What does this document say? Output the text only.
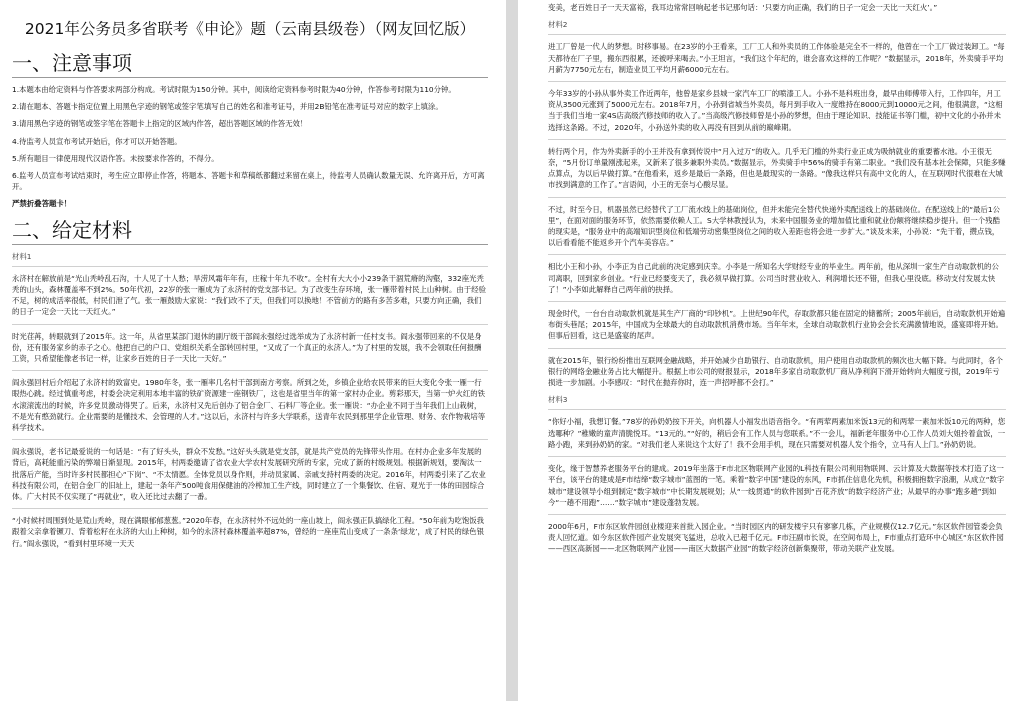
2021年公务员多省联考《申论》题（云南县级卷）（网友回忆版）
一、注意事项

1.本题本由给定资料与作答要求两部分构成。考试时限为150分钟。其中，阅读给定资料参考时限为40分钟，作答参考时限为110分钟。

2.请在题本、答题卡指定位置上用黑色字迹的钢笔或签字笔填写自己的姓名和准考证号，并用2B铅笔在准考证号对应的数字上填涂。

3.请用黑色字迹的钢笔或签字笔在答题卡上指定的区域内作答，超出答题区域的作答无效！

4.待监考人员宣布考试开始后，你才可以开始答题。

5.所有题目一律使用现代汉语作答。未按要求作答的，不得分。

6.监考人员宣布考试结束时，考生应立即停止作答，将题本、答题卡和草稿纸都翻过来留在桌上，待监考人员确认数量无误、允许离开后，方可离开。

严禁折叠答题卡！

二、给定材料

材料1

永济村在解放前是“光山秃岭乱石沟，十人见了十人愁；旱涝风霜年年有，庄稼十年九不收”。全村有大大小小239条干涸荒瘠的沟壑，332座光秃秃的山头，森林覆盖率不到2%。50年代初，22岁的张一雁成为了永济村的党支部书记。为了改变生存环境，张一雁带着村民上山种树。由于经验不足，树的成活率很低，村民们泄了气。张一雁鼓励大家说：“我们改不了天，但我们可以换地！不管前方的路有多苦多难，只要方向正确，我们的日子一定会一天比一天红火。”

时光荏苒，转眼就到了2015年。这一年，从省里某部门退休的副厅级干部阎永强经过选举成为了永济村新一任村支书。阎永强带回来的不仅是身份，还有服务家乡的赤子之心。他把自己的户口、党组织关系全部转回村里，“又成了一个真正的永济人。”为了村里的发展，我不会领取任何报酬工资，只希望能像老书记一样，让家乡百姓的日子一天比一天好。”

阎永强回村后介绍起了永济村的致富史。1980年冬，张一雁率几名村干部到南方考察。所到之处，乡镇企业给农民带来的巨大变化令张一雁一行眼热心跳。经过慎重考虑，村委会决定利用本地丰富的铁矿资源建一座钢铁厂，这也是省里当年的第一家村办企业。剪彩那天，当第一炉火红的铁水滚滚流出的时候，许多党员激动得哭了。后来，永济村又先后创办了铝合金厂、石料厂等企业。张一雁说：“办企业不同于当年我们上山栽树，不是光有憨劲就行。企业需要的是懂技术、会管理的人才。”这以后，永济村与许多大学联系，送青年农民到那里学企业管理、财务、农作物栽培等科学技术。

阎永强说，老书记最爱说的一句话是：“有了好头头，群众不发愁。”这好头头就是党支部，就是共产党员的先锋带头作用。在村办企业多年发展的背后，高耗能重污染的弊端日渐显现。2015年，村两委邀请了省农业大学农村发展研究所的专家，完成了新的村级规划。根据新规划，要淘汰一批落后产能，当时许多村民都担心“下岗”、“不太情愿。全体党员以身作则，并动员家属、亲戚支持村两委的决定。2016年，村两委引来了乙农业科技有限公司，在铝合金厂的旧址上，建起一条年产500吨食用保健油的冷榨加工生产线，同时建立了一个集餐饮、住宿、观光于一体的田园综合体。广大村民不仅实现了“再就业”，收入还比过去翻了一番。

“小时候村周围到处是荒山秃岭，现在满眼郁郁葱葱。”2020年春，在永济村外不远处的一座山坡上，阎永强正队搞绿化工程。“50年前为吃饱饭我跟着父亲拿着镢刀、背着松籽在永济的大山上种树，如今的永济村森林覆盖率超87%，曾经的一座座荒山变成了一条条‘绿龙’，成了村民的绿色银行。”阎永强说，“看到村里环境一天天

变美，老百姓日子一天天富裕，我耳边常常回响起老书记那句话：‘只要方向正确，我们的日子一定会一天比一天红火’。”

材料2

进工厂曾是一代人的梦想。时移事易。在23岁的小王看来，工厂工人和外卖员的工作体验是完全不一样的，他曾在一个工厂做过装卸工。“每天都待在厂子里，搬东西很累，还被呼来喝去。”小王坦言，“我们这个年纪的，谁会喜欢这样的工作呢？”数据显示，2018年，外卖骑手平均月薪为7750元左右，制造业员工平均月薪6000元左右。

今年33岁的小孙从事外卖工作近两年，他曾是家乡县城一家汽车工厂的喷漆工人。小孙不是科班出身，最早由师傅带入行，工作四年，月工资从3500元涨到了5000元左右。2018年7月，小孙到省城当外卖员，每月到手收入一度维持在8000元到10000元之间，他很满意，“这相当于我们当地一家4S店高级汽修技师的收入了。”当高级汽修技师曾是小孙的梦想，但由于理论知识、技能证书等门槛，初中文化的小孙并未选择这条路。不过，2020年，小孙送外卖的收入再没有回到从前的巅峰期。

转行两个月，作为外卖新手的小王并没有拿到传说中“月入过万”的收入。几乎无门槛的外卖行业正成为吸纳就业的重要蓄水池。小王很无奈，“5月份订单量刚涨起来，又新来了很多兼职外卖员。”数据显示，外卖骑手中56%的骑手有第二职业。“我们没有基本社会保障，只能多赚点算点，为以后早做打算。”在他看来，返乡是最后一条路，但也是最现实的一条路。“像我这样只有高中文化的人，在互联网时代很难在大城市找到满意的工作了。”言语间，小王的无奈与心酸尽显。

不过，时至今日，机器虽然已经替代了工厂流水线上的基础岗位，但并未能完全替代快递外卖配送线上的基础岗位。在配送线上的“最后1公里”，在面对面的服务环节，依然需要依赖人工。S大学林教授认为，未来中国服务业的增加值比重和就业份额将继续稳步提升。但一个残酷的现实是，“服务业中的高端知识型岗位和低端劳动密集型岗位之间的收入差距也将会进一步扩大。”谈及未来，小孙说：“先干着，攒点钱，以后看看能不能返乡开个汽车美容店。”

相比小王和小孙，小李正为自己此前的决定感到庆幸。小李是一所知名大学财经专业的毕业生。两年前，他从深圳一家生产自动取款机的公司离职，回到家乡创业。“行业已经要变天了，我必须早做打算。公司当时营业收入、利润增长还不错，但我心里没底。移动支付发展太快了！”小李如此解释自己两年前的抉择。

现金时代，一台台自动取款机就是其生产厂商的“印钞机”。上世纪90年代，存取款都只能在固定的储蓄所；2005年前后，自动取款机开始遍布街头巷尾；2015年，中国成为全球最大的自动取款机消费市场。当年年末，全球自动取款机行业协会会长充满激情地说，盛宴即将开始。但事后回看，这已是盛宴的尾声。

就在2015年，银行纷纷推出互联网金融战略，并开始减少自助银行、自动取款机，用户使用自动取款机的频次也大幅下降。与此同时，各个银行的网络金融业务占比大幅提升。根据上市公司的财报显示，2018年多家自动取款机厂商从净利润下滑开始转向大幅度亏损，2019年亏损进一步加剧。小李感叹：“时代在抛弃你时，连一声招呼都不会打。”

材料3

“你好小福，我想订餐。”78岁的孙奶奶按下开关，向机器人小福发出语音指令。“有两荤两素加米饭13元的和两荤一素加米饭10元的两种，您选哪种？”稚嫩的童声清脆悦耳。“13元的。”“好的，稍后会有工作人员与您联系。”不一会儿，福新老年服务中心工作人员刘大姐拎着盒饭，一路小跑，来到孙奶奶的家。“对我们老人来说这个太好了！我不会用手机，现在只需要对机器人发个指令，立马有人上门。”孙奶奶说。

变化，缘于智慧养老服务平台的建成。2019年坐落于F市北区物联网产业园的L科技有限公司利用物联网、云计算及大数据等技术打造了这一平台，该平台的建成是F市结缔“数字城市”蓝图的一笔。乘着“数字中国”建设的东风，F市抓住信息化先机，积极拥抱数字浪潮，从成立“数字城市”建设领导小组到制定“数字城市”中长期发展规划；从“一线贯通”的软件园到“百花齐放”的数字经济产业；从最早的办事“跑多趟”到如今“一趟不用跑”……“数字城市”建设蓬勃发展。

2000年6月，F市东区软件园创业楼迎来首批入园企业。“当时园区内的研发楼宇只有寥寥几栋，产业规模仅12.7亿元。”东区软件园管委会负责人回忆道。如今东区软件园产业发展突飞猛进，总收入已超千亿元。F市汪副市长说，在空间布局上，F市重点打造环中心城区“东区软件园——西区高新园——北区物联网产业园——南区大数据产业园”的数字经济创新集聚带，带动关联产业发展。
